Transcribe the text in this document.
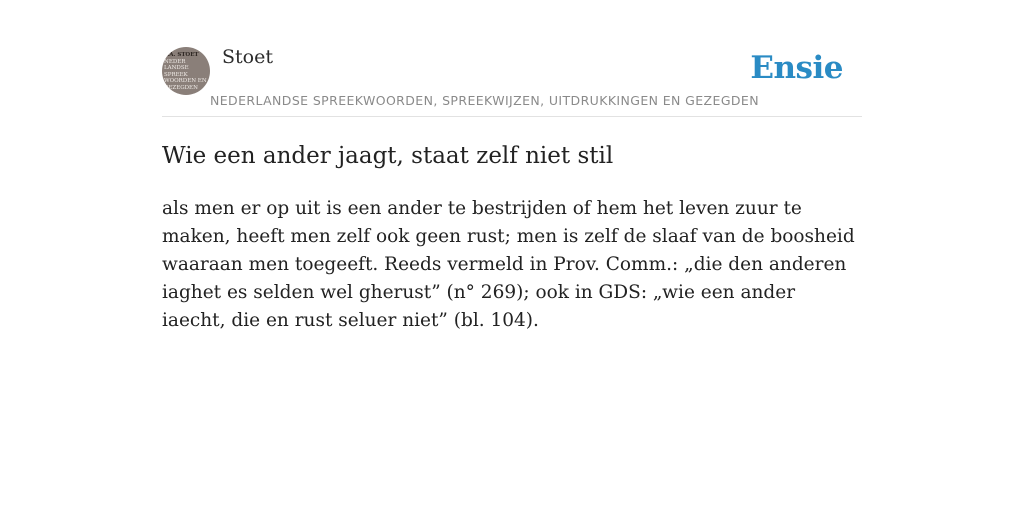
F.A. STOET
NEDER
LANDSE
SPREEK
WOORDEN EN
GEZEGDEN
Stoet
NEDERLANDSE SPREEKWOORDEN, SPREEKWIJZEN, UITDRUKKINGEN EN GEZEGDEN
Ensie
Wie een ander jaagt, staat zelf niet stil

als men er op uit is een ander te bestrijden of hem het leven zuur te maken, heeft men zelf ook geen rust; men is zelf de slaaf van de boosheid waaraan men toegeeft. Reeds vermeld in Prov. Comm.: „die den anderen iaghet es selden wel gherust” (n° 269); ook in GDS: „wie een ander iaecht, die en rust seluer niet” (bl. 104).
